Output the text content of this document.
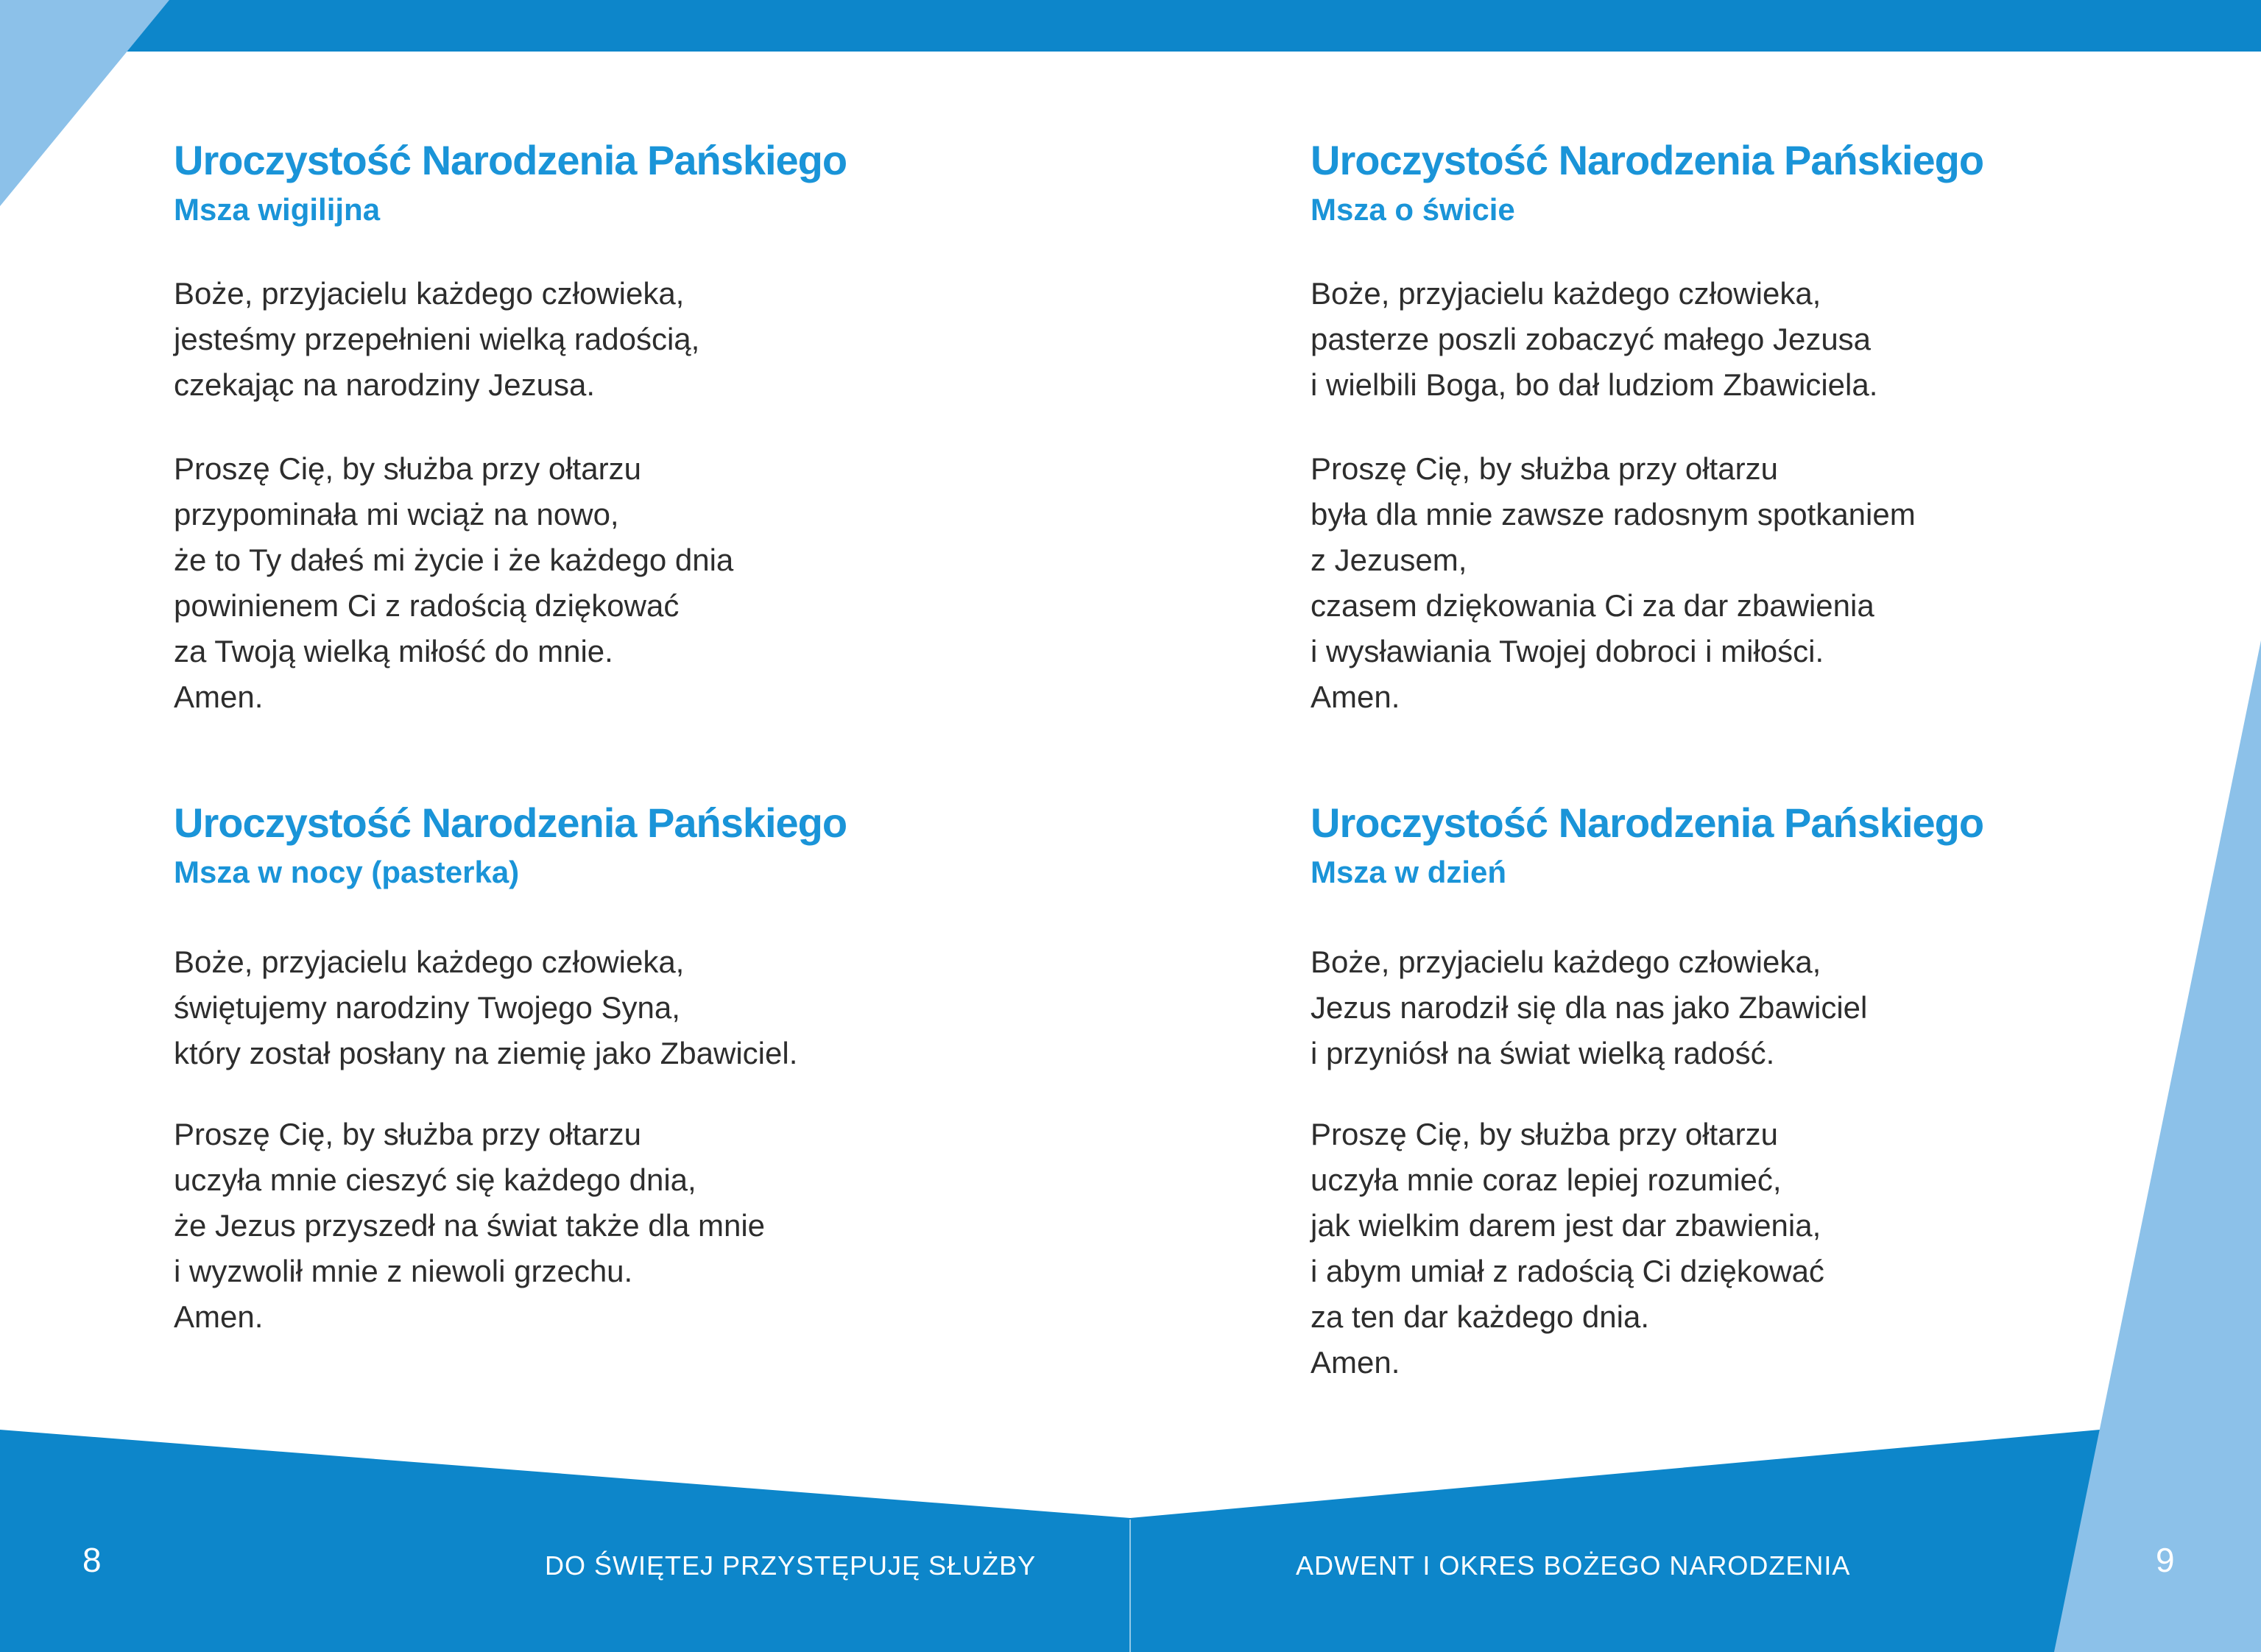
Uroczystość Narodzenia Pańskiego
Msza wigilijna
Boże, przyjacielu każdego człowieka,
jesteśmy przepełnieni wielką radością,
czekając na narodziny Jezusa.
Proszę Cię, by służba przy ołtarzu
przypominała mi wciąż na nowo,
że to Ty dałeś mi życie i że każdego dnia
powinienem Ci z radością dziękować
za Twoją wielką miłość do mnie.
Amen.
Uroczystość Narodzenia Pańskiego
Msza w nocy (pasterka)
Boże, przyjacielu każdego człowieka,
świętujemy narodziny Twojego Syna,
który został posłany na ziemię jako Zbawiciel.
Proszę Cię, by służba przy ołtarzu
uczyła mnie cieszyć się każdego dnia,
że Jezus przyszedł na świat także dla mnie
i wyzwolił mnie z niewoli grzechu.
Amen.
Uroczystość Narodzenia Pańskiego
Msza o świcie
Boże, przyjacielu każdego człowieka,
pasterze poszli zobaczyć małego Jezusa
i wielbili Boga, bo dał ludziom Zbawiciela.
Proszę Cię, by służba przy ołtarzu
była dla mnie zawsze radosnym spotkaniem
z Jezusem,
czasem dziękowania Ci za dar zbawienia
i wysławiania Twojej dobroci i miłości.
Amen.
Uroczystość Narodzenia Pańskiego
Msza w dzień
Boże, przyjacielu każdego człowieka,
Jezus narodził się dla nas jako Zbawiciel
i przyniósł na świat wielką radość.
Proszę Cię, by służba przy ołtarzu
uczyła mnie coraz lepiej rozumieć,
jak wielkim darem jest dar zbawienia,
i abym umiał z radością Ci dziękować
za ten dar każdego dnia.
Amen.
8	DO ŚWIĘTEJ PRZYSTĘPUJĘ SŁUŻBY	ADWENT I OKRES BOŻEGO NARODZENIA	9
